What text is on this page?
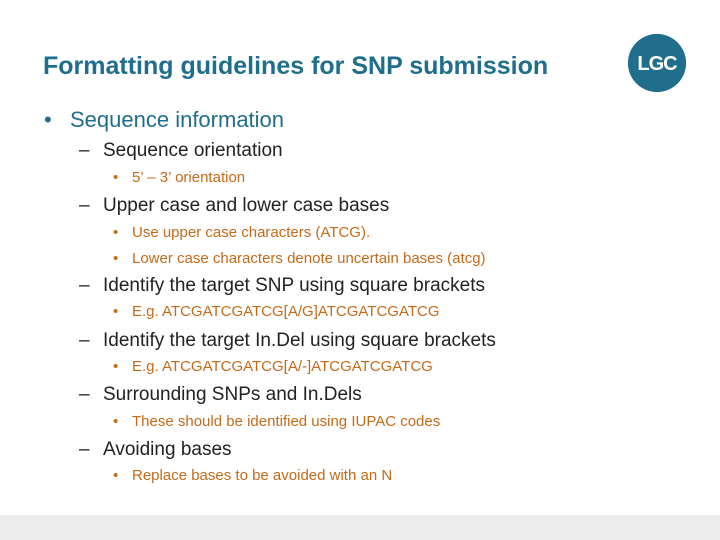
Formatting guidelines for SNP submission	LGC
• Sequence information
– Sequence orientation
• 5’ – 3’ orientation
– Upper case and lower case bases
• Use upper case characters (ATCG).
• Lower case characters denote uncertain bases (atcg)
– Identify the target SNP using square brackets
• E.g. ATCGATCGATCG[A/G]ATCGATCGATCG
– Identify the target In.Del using square brackets
• E.g. ATCGATCGATCG[A/-]ATCGATCGATCG
– Surrounding SNPs and In.Dels
• These should be identified using IUPAC codes
– Avoiding bases
• Replace bases to be avoided with an N
